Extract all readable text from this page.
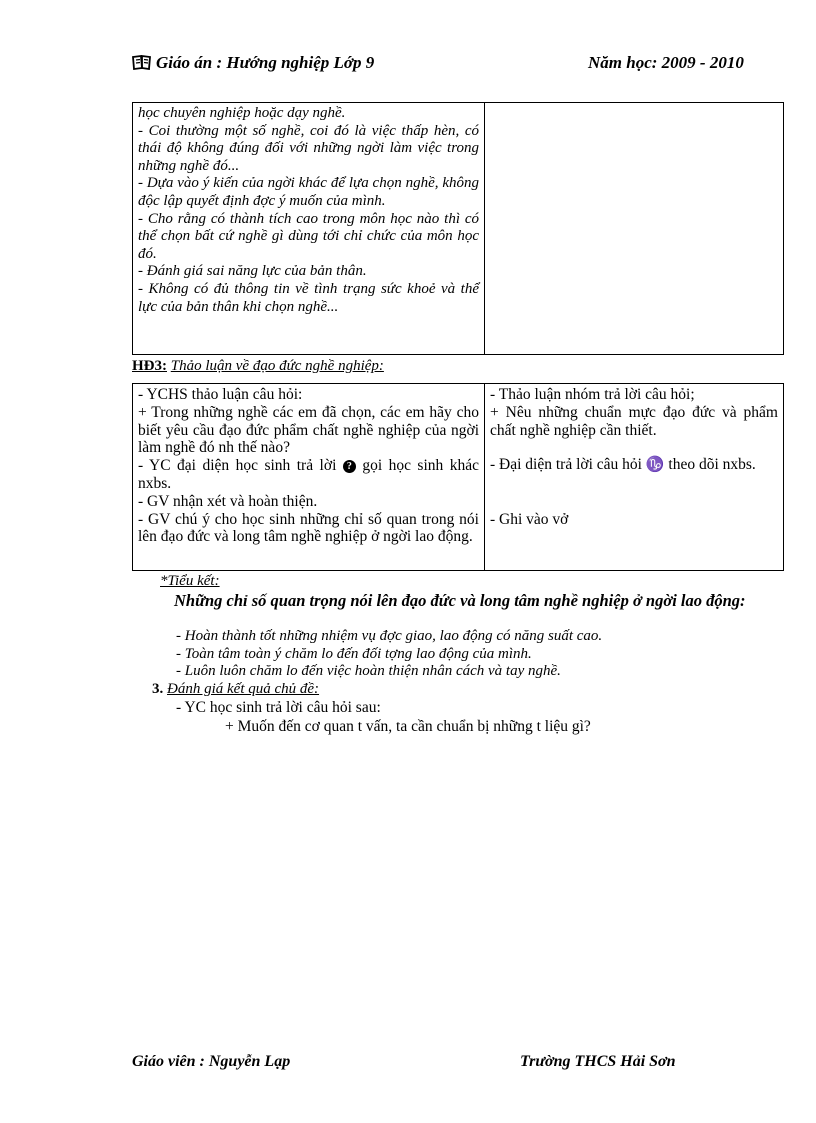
Giáo án : Hướng nghiệp Lớp 9	Năm học: 2009 - 2010
học chuyên nghiệp hoặc dạy nghề.
- Coi thường một số nghề, coi đó là việc thấp hèn, có thái độ không đúng đối với những ngời làm việc trong những nghề đó...
- Dựa vào ý kiến của ngời khác để lựa chọn nghề, không độc lập quyết định đợc ý muốn của mình.
- Cho rằng có thành tích cao trong môn học nào thì có thể chọn bất cứ nghề gì dùng tới chỉ chức của môn học đó.
- Đánh giá sai năng lực của bản thân.
- Không có đủ thông tin về tình trạng sức khoẻ và thể lực của bản thân khi chọn nghề...

HĐ3: Thảo luận về đạo đức nghề nghiệp:
- YCHS thảo luận câu hỏi:
+ Trong những nghề các em đã chọn, các em hãy cho biết yêu cầu đạo đức phẩm chất nghề nghiệp của ngời làm nghề đó nh thế nào?
- YC đại diện học sinh trả lời ? gọi học sinh khác nxbs.
- GV nhận xét và hoàn thiện.
- GV chú ý cho học sinh những chỉ số quan trong nói lên đạo đức và long tâm nghề nghiệp ở ngời lao động.

- Thảo luận nhóm trả lời câu hỏi;
+ Nêu những chuẩn mực đạo đức và phẩm chất nghề nghiệp cần thiết.
- Đại diện trả lời câu hỏi ♑ theo dõi nxbs.
- Ghi vào vở
*Tiểu kết:
Những chỉ số quan trọng nói lên đạo đức và long tâm nghề nghiệp ở ngời lao động:
- Hoàn thành tốt những nhiệm vụ đợc giao, lao động có năng suất cao.
- Toàn tâm toàn ý chăm lo đến đối tợng lao động của mình.
- Luôn luôn chăm lo đến việc hoàn thiện nhân cách và tay nghề.
3. Đánh giá kết quả chủ đề:
- YC học sinh trả lời câu hỏi sau:
+ Muốn đến cơ quan t vấn, ta cần chuẩn bị những t liệu gì?
Giáo viên : Nguyễn Lạp	Trường THCS Hải Sơn
